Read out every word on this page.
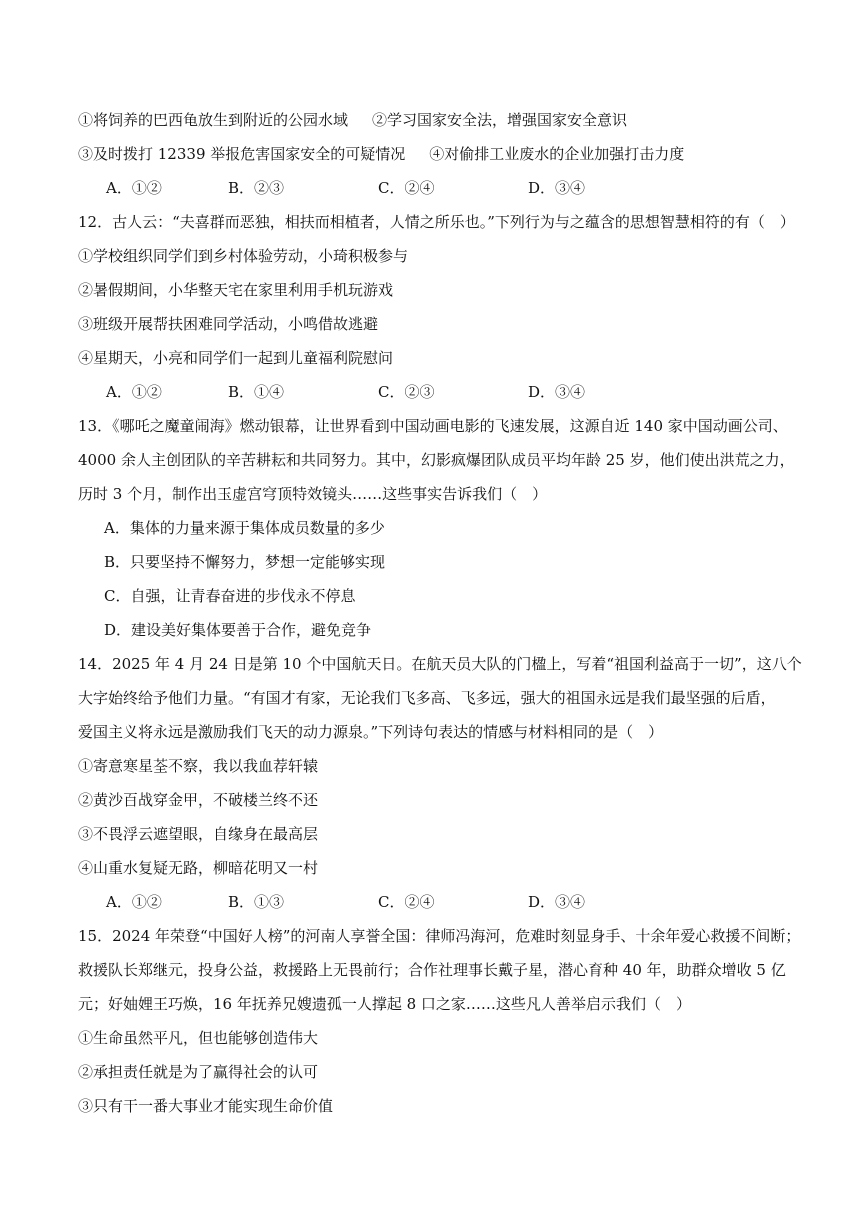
①将饲养的巴西龟放生到附近的公园水域 ②学习国家安全法，增强国家安全意识
③及时拨打 12339 举报危害国家安全的可疑情况 ④对偷排工业废水的企业加强打击力度
A．①②	B．②③	C．②④	D．③④
12．古人云：“夫喜群而恶独，相扶而相植者，人情之所乐也。”下列行为与之蕴含的思想智慧相符的有（　）
①学校组织同学们到乡村体验劳动，小琦积极参与
②暑假期间，小华整天宅在家里利用手机玩游戏
③班级开展帮扶困难同学活动，小鸣借故逃避
④星期天，小亮和同学们一起到儿童福利院慰问
A．①②	B．①④	C．②③	D．③④
13．《哪吒之魔童闹海》燃动银幕，让世界看到中国动画电影的飞速发展，这源自近 140 家中国动画公司、
4000 余人主创团队的辛苦耕耘和共同努力。其中，幻影疯爆团队成员平均年龄 25 岁，他们使出洪荒之力，
历时 3 个月，制作出玉虚宫穹顶特效镜头……这些事实告诉我们（　）
A．集体的力量来源于集体成员数量的多少
B．只要坚持不懈努力，梦想一定能够实现
C．自强，让青春奋进的步伐永不停息
D．建设美好集体要善于合作，避免竞争
14．2025 年 4 月 24 日是第 10 个中国航天日。在航天员大队的门楹上，写着“祖国利益高于一切”，这八个
大字始终给予他们力量。“有国才有家，无论我们飞多高、飞多远，强大的祖国永远是我们最坚强的后盾，
爱国主义将永远是激励我们飞天的动力源泉。”下列诗句表达的情感与材料相同的是（　）
①寄意寒星荃不察，我以我血荐轩辕
②黄沙百战穿金甲，不破楼兰终不还
③不畏浮云遮望眼，自缘身在最高层
④山重水复疑无路，柳暗花明又一村
A．①②	B．①③	C．②④	D．③④
15．2024 年荣登“中国好人榜”的河南人享誉全国：律师冯海河，危难时刻显身手、十余年爱心救援不间断；
救援队长郑继元，投身公益，救援路上无畏前行；合作社理事长戴子星，潜心育种 40 年，助群众增收 5 亿
元；好妯娌王巧焕，16 年抚养兄嫂遗孤一人撑起 8 口之家……这些凡人善举启示我们（　）
①生命虽然平凡，但也能够创造伟大
②承担责任就是为了赢得社会的认可
③只有干一番大事业才能实现生命价值
